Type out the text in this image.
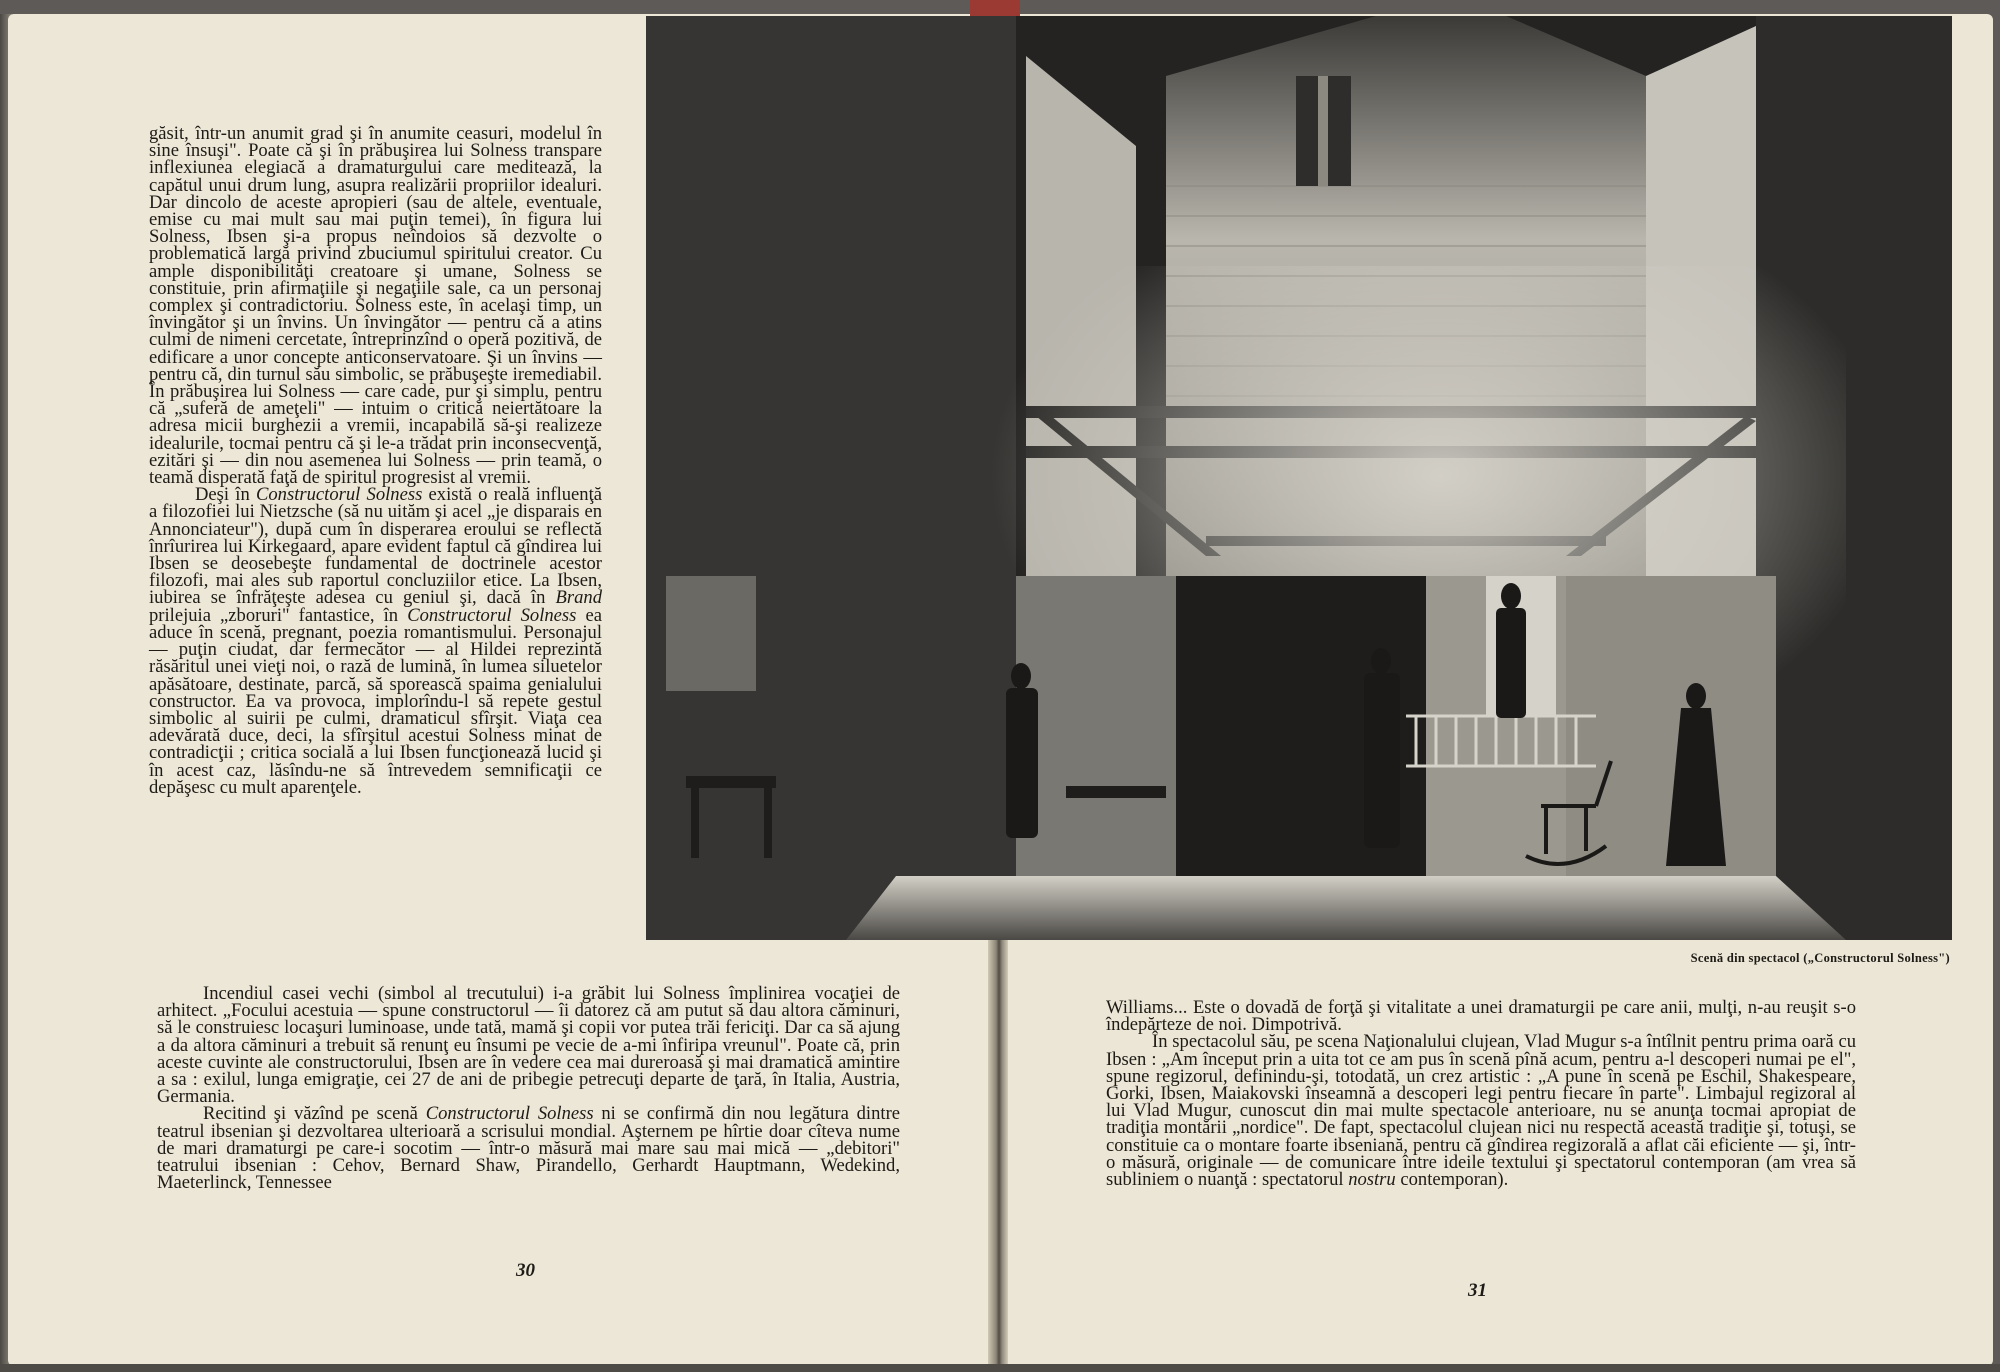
găsit, într-un anumit grad şi în anumite ceasuri, modelul în sine însuşi". Poate că şi în prăbuşirea lui Solness transpare inflexiunea elegiacă a dramaturgului care meditează, la capătul unui drum lung, asupra realizării propriilor idealuri. Dar dincolo de aceste apropieri (sau de altele, eventuale, emise cu mai mult sau mai puţin temei), în figura lui Solness, Ibsen şi-a propus neîndoios să dezvolte o problematică largă privind zbuciumul spiritului creator. Cu ample disponibilităţi creatoare şi umane, Solness se constituie, prin afirmaţiile şi negaţiile sale, ca un personaj complex şi contradictoriu. Solness este, în acelaşi timp, un învingător şi un învins. Un învingător — pentru că a atins culmi de nimeni cercetate, întreprinzînd o operă pozitivă, de edificare a unor concepte anticonservatoare. Şi un învins — pentru că, din turnul său simbolic, se prăbuşeşte iremediabil. În prăbuşirea lui Solness — care cade, pur şi simplu, pentru că „suferă de ameţeli" — intuim o critică neiertătoare la adresa micii burghezii a vremii, incapabilă să-şi realizeze idealurile, tocmai pentru că şi le-a trădat prin inconsecvenţă, ezitări şi — din nou asemenea lui Solness — prin teamă, o teamă disperată faţă de spiritul progresist al vremii.

Deşi în Constructorul Solness există o reală influenţă a filozofiei lui Nietzsche (să nu uităm şi acel „je disparais en Annonciateur"), după cum în disperarea eroului se reflectă înrîurirea lui Kirkegaard, apare evident faptul că gîndirea lui Ibsen se deosebeşte fundamental de doctrinele acestor filozofi, mai ales sub raportul concluziilor etice. La Ibsen, iubirea se înfrăţeşte adesea cu geniul şi, dacă în Brand prilejuia „zboruri" fantastice, în Constructorul Solness ea aduce în scenă, pregnant, poezia romantismului. Personajul — puţin ciudat, dar fermecător — al Hildei reprezintă răsăritul unei vieţi noi, o rază de lumină, în lumea siluetelor apăsătoare, destinate, parcă, să sporească spaima genialului constructor. Ea va provoca, implorîndu-l să repete gestul simbolic al suirii pe culmi, dramaticul sfîrşit. Viaţa cea adevărată duce, deci, la sfîrşitul acestui Solness minat de contradicţii ; critica socială a lui Ibsen funcţionează lucid şi în acest caz, lăsîndu-ne să întrevedem semnificaţii ce depăşesc cu mult aparenţele.

Incendiul casei vechi (simbol al trecutului) i-a grăbit lui Solness împlinirea vocaţiei de arhitect. „Focului acestuia — spune constructorul — îi datorez că am putut să dau altora căminuri, să le construiesc locaşuri luminoase, unde tată, mamă şi copii vor putea trăi fericiţi. Dar ca să ajung a da altora căminuri a trebuit să renunţ eu însumi pe vecie de a-mi înfiripa vreunul". Poate că, prin aceste cuvinte ale constructorului, Ibsen are în vedere cea mai dureroasă şi mai dramatică amintire a sa : exilul, lunga emigraţie, cei 27 de ani de pribegie petrecuţi departe de ţară, în Italia, Austria, Germania.

Recitind şi văzînd pe scenă Constructorul Solness ni se confirmă din nou legătura dintre teatrul ibsenian şi dezvoltarea ulterioară a scrisului mondial. Aşternem pe hîrtie doar cîteva nume de mari dramaturgi pe care-i socotim — într-o măsură mai mare sau mai mică — „debitori" teatrului ibsenian : Cehov, Bernard Shaw, Pirandello, Gerhardt Hauptmann, Wedekind, Maeterlinck, Tennessee

30
Scenă din spectacol („Constructorul Solness")

Williams... Este o dovadă de forţă şi vitalitate a unei dramaturgii pe care anii, mulţi, n-au reuşit s-o îndepărteze de noi. Dimpotrivă.

În spectacolul său, pe scena Naţionalului clujean, Vlad Mugur s-a întîlnit pentru prima oară cu Ibsen : „Am început prin a uita tot ce am pus în scenă pînă acum, pentru a-l descoperi numai pe el", spune regizorul, definindu-şi, totodată, un crez artistic : „A pune în scenă pe Eschil, Shakespeare, Gorki, Ibsen, Maiakovski înseamnă a descoperi legi pentru fiecare în parte". Limbajul regizoral al lui Vlad Mugur, cunoscut din mai multe spectacole anterioare, nu se anunţa tocmai apropiat de tradiţia montării „nordice". De fapt, spectacolul clujean nici nu respectă această tradiţie şi, totuşi, se constituie ca o montare foarte ibseniană, pentru că gîndirea regizorală a aflat căi eficiente — şi, într-o măsură, originale — de comunicare între ideile textului şi spectatorul contemporan (am vrea să subliniem o nuanţă : spectatorul nostru contemporan).

31
